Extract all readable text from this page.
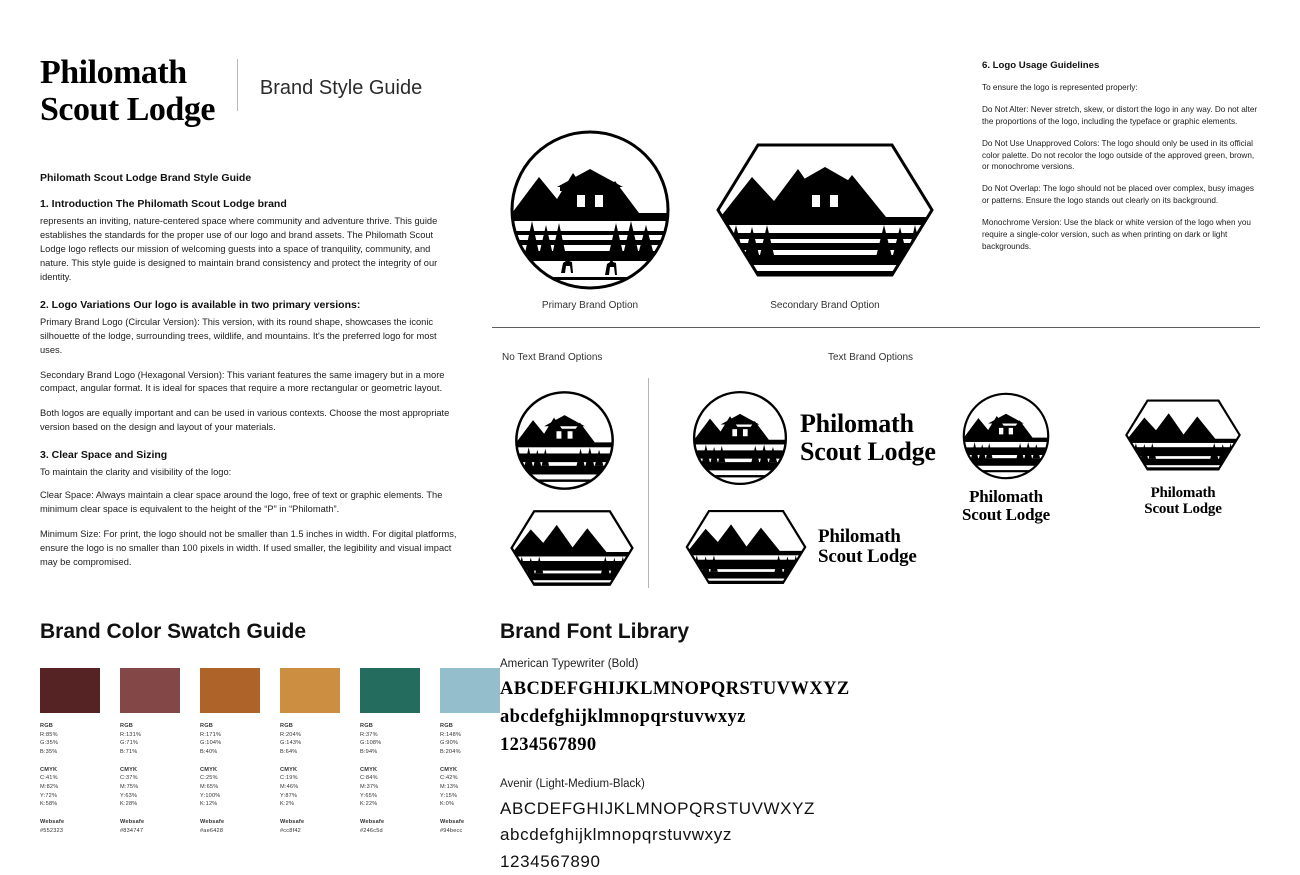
Philomath
Scout Lodge
Brand Style Guide
Philomath Scout Lodge Brand Style Guide
1. Introduction The Philomath Scout Lodge brand

represents an inviting, nature-centered space where community and adventure thrive. This guide establishes the standards for the proper use of our logo and brand assets. The Philomath Scout Lodge logo reflects our mission of welcoming guests into a space of tranquility, community, and nature. This style guide is designed to maintain brand consistency and protect the integrity of our identity.

2. Logo Variations Our logo is available in two primary versions:

Primary Brand Logo (Circular Version): This version, with its round shape, showcases the iconic silhouette of the lodge, surrounding trees, wildlife, and mountains. It's the preferred logo for most uses.

Secondary Brand Logo (Hexagonal Version): This variant features the same imagery but in a more compact, angular format. It is ideal for spaces that require a more rectangular or geometric layout.

Both logos are equally important and can be used in various contexts. Choose the most appropriate version based on the design and layout of your materials.

3. Clear Space and Sizing

To maintain the clarity and visibility of the logo:

Clear Space: Always maintain a clear space around the logo, free of text or graphic elements. The minimum clear space is equivalent to the height of the “P” in “Philomath”.

Minimum Size: For print, the logo should not be smaller than 1.5 inches in width. For digital platforms, ensure the logo is no smaller than 100 pixels in width. If used smaller, the legibility and visual impact may be compromised.

Primary Brand Option	Secondary Brand Option
No Text Brand Options	Text Brand Options
Philomath
Scout Lodge
Philomath
Scout Lodge
Philomath
Scout Lodge
Philomath
Scout Lodge
6. Logo Usage Guidelines

To ensure the logo is represented properly:

Do Not Alter: Never stretch, skew, or distort the logo in any way. Do not alter the proportions of the logo, including the typeface or graphic elements.

Do Not Use Unapproved Colors: The logo should only be used in its official color palette. Do not recolor the logo outside of the approved green, brown, or monochrome versions.

Do Not Overlap: The logo should not be placed over complex, busy images or patterns. Ensure the logo stands out clearly on its background.

Monochrome Version: Use the black or white version of the logo when you require a single-color version, such as when printing on dark or light backgrounds.

Brand Color Swatch Guide
RGB
R:85%
G:35%
B:35%
CMYK
C:41%
M:82%
Y:72%
K:58%
Websafe
#552323
RGB
R:131%
G:71%
B:71%
CMYK
C:37%
M:75%
Y:63%
K:28%
Websafe
#834747
RGB
R:171%
G:104%
B:40%
CMYK
C:25%
M:65%
Y:100%
K:12%
Websafe
#ae6428
RGB
R:204%
G:143%
B:64%
CMYK
C:19%
M:46%
Y:87%
K:2%
Websafe
#cc8f42
RGB
R:37%
G:108%
B:94%
CMYK
C:84%
M:37%
Y:65%
K:22%
Websafe
#246c5d
RGB
R:148%
G:90%
B:204%
CMYK
C:42%
M:13%
Y:15%
K:0%
Websafe
#94becc
Brand Font Library
American Typewriter (Bold)
ABCDEFGHIJKLMNOPQRSTUVWXYZ
abcdefghijklmnopqrstuvwxyz
1234567890
Avenir (Light-Medium-Black)
ABCDEFGHIJKLMNOPQRSTUVWXYZ
abcdefghijklmnopqrstuvwxyz
1234567890
